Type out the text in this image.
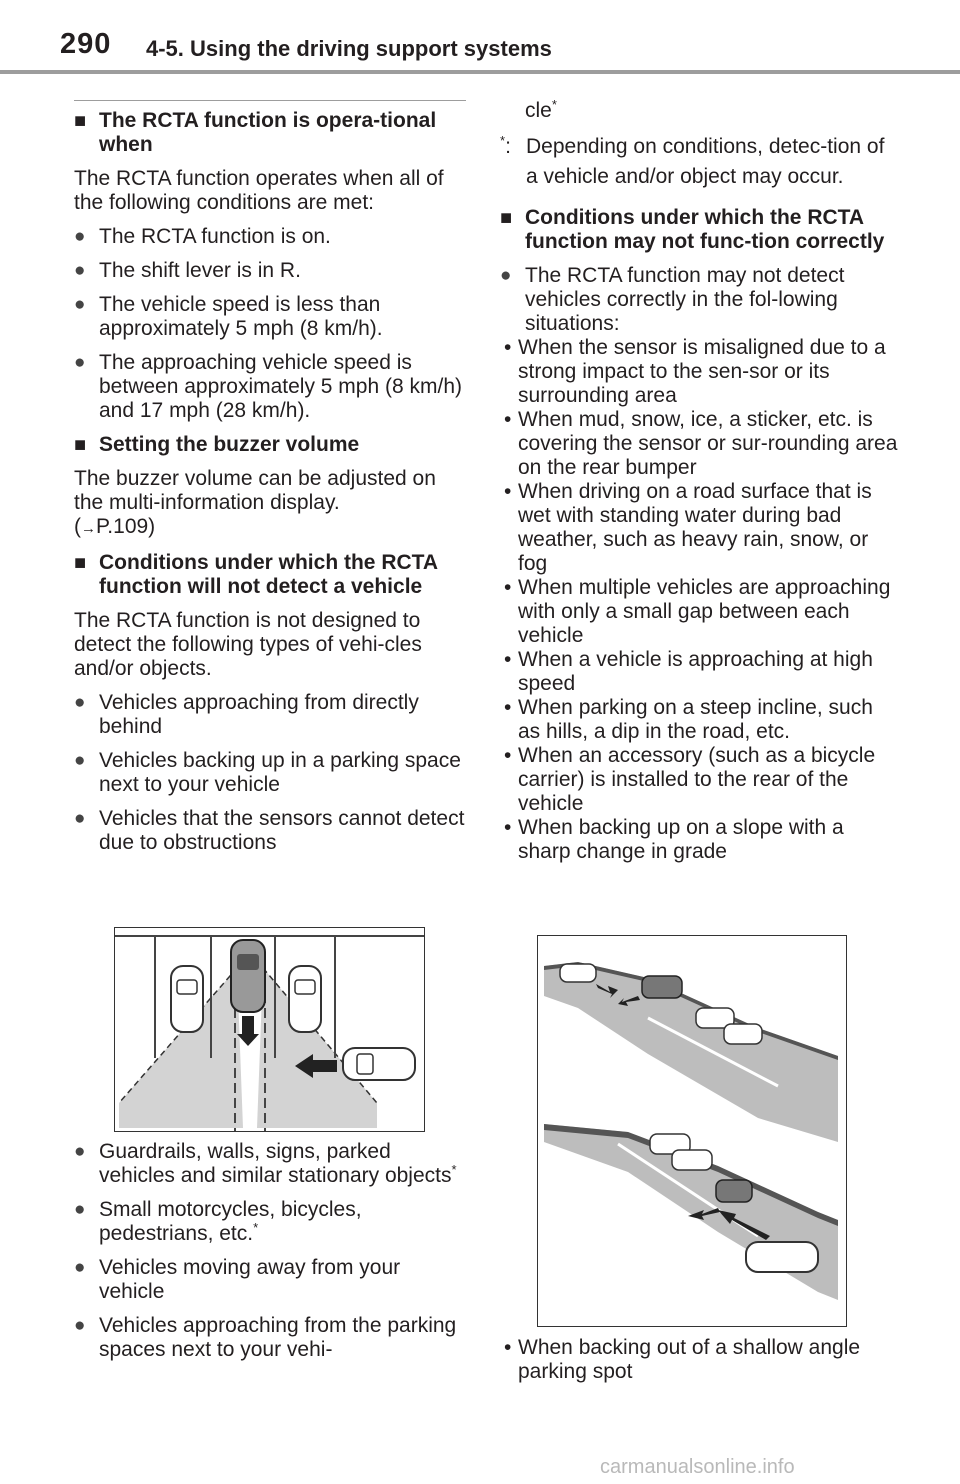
290 4-5. Using the driving support systems
■ The RCTA function is opera-tional when
The RCTA function operates when all of the following conditions are met:
● The RCTA function is on.
● The shift lever is in R.
● The vehicle speed is less than approximately 5 mph (8 km/h).
● The approaching vehicle speed is between approximately 5 mph (8 km/h) and 17 mph (28 km/h).
■ Setting the buzzer volume
The buzzer volume can be adjusted on the multi-information display.
(→P.109)
■ Conditions under which the RCTA function will not detect a vehicle
The RCTA function is not designed to detect the following types of vehi-cles and/or objects.
● Vehicles approaching from directly behind
● Vehicles backing up in a parking space next to your vehicle
● Vehicles that the sensors cannot detect due to obstructions
● Guardrails, walls, signs, parked vehicles and similar stationary objects*
● Small motorcycles, bicycles, pedestrians, etc.*
● Vehicles moving away from your vehicle
● Vehicles approaching from the parking spaces next to your vehi-
cle*
*: Depending on conditions, detec-tion of a vehicle and/or object may occur.
■ Conditions under which the RCTA function may not func-tion correctly
● The RCTA function may not detect vehicles correctly in the fol-lowing situations:
• When the sensor is misaligned due to a strong impact to the sen-sor or its surrounding area
• When mud, snow, ice, a sticker, etc. is covering the sensor or sur-rounding area on the rear bumper
• When driving on a road surface that is wet with standing water during bad weather, such as heavy rain, snow, or fog
• When multiple vehicles are approaching with only a small gap between each vehicle
• When a vehicle is approaching at high speed
• When parking on a steep incline, such as hills, a dip in the road, etc.
• When an accessory (such as a bicycle carrier) is installed to the rear of the vehicle
• When backing up on a slope with a sharp change in grade
• When backing out of a shallow angle parking spot
carmanualsonline.info
